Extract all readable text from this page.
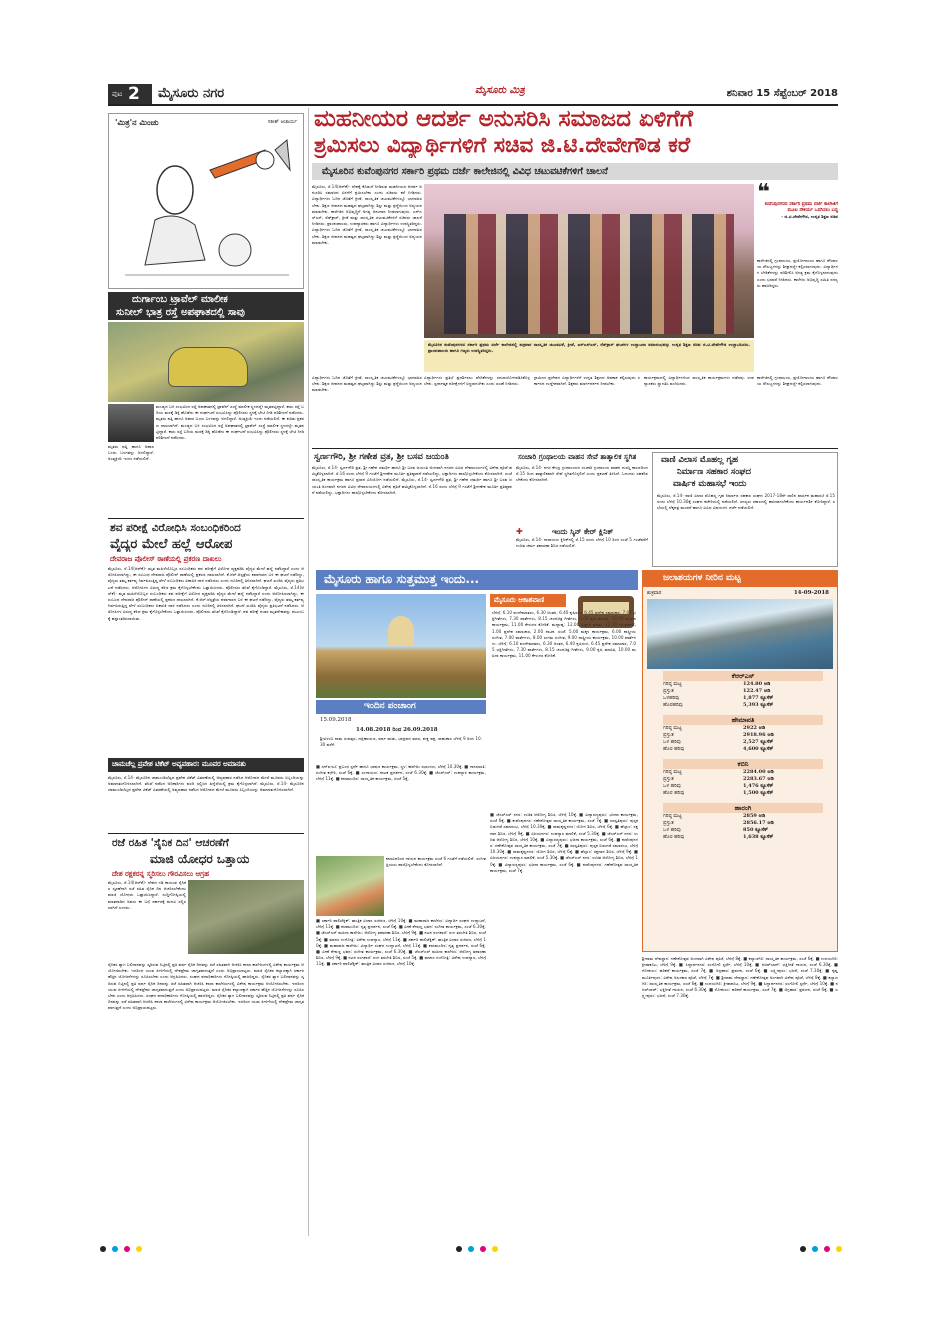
ಪುಟ 2 ಮೈಸೂರು ನಗರ	ಮೈಸೂರು ಮಿತ್ರ	ಶನಿವಾರ 15 ಸೆಪ್ಟೆಂಬರ್ 2018
'ಮಿತ್ರ'ನ ಮಿಂಚು	ಸತೀಶ್ ಆಚಾರ್ಯ
ದುರ್ಗಾಂಬ ಟ್ರಾವೆಲ್ ಮಾಲೀಕ
ಸುನೀಲ್ ಭಾತ್ರ ರಸ್ತೆ ಅಪಘಾತದಲ್ಲಿ ಸಾವು
ಮಂಡ್ಯದ ಬಳಿ ಸಂಭವಿಸಿದ ರಸ್ತೆ ಅಪಘಾತದಲ್ಲಿ ಟ್ರಾವೆಲ್ ಸಂಸ್ಥೆ ಮಾಲೀಕ ಸ್ಥಳದಲ್ಲೇ ಮೃತಪಟ್ಟಿದ್ದಾರೆ. ಕಾರು ರಸ್ತೆ ಬದಿಯ ಮರಕ್ಕೆ ಡಿಕ್ಕಿ ಹೊಡೆದು ಈ ದುರ್ಘಟನೆ ಸಂಭವಿಸಿದ್ದು ಪೊಲೀಸರು ಸ್ಥಳಕ್ಕೆ ಭೇಟಿ ನೀಡಿ ಪರಿಶೀಲನೆ ನಡೆಸಿದರು. ಮೃತರು ಪತ್ನಿ ಹಾಗೂ ಅಪಾರ ಬಂಧು ಬಳಗವನ್ನು ಅಗಲಿದ್ದಾರೆ. ಅಂತ್ಯಕ್ರಿಯೆ ಇಂದು ನಡೆಯಲಿದೆ. ಈ ಕುರಿತು ಪ್ರಕರಣ ದಾಖಲಾಗಿದೆ. ಮಂಡ್ಯದ ಬಳಿ ಸಂಭವಿಸಿದ ರಸ್ತೆ ಅಪಘಾತದಲ್ಲಿ ಟ್ರಾವೆಲ್ ಸಂಸ್ಥೆ ಮಾಲೀಕ ಸ್ಥಳದಲ್ಲೇ ಮೃತಪಟ್ಟಿದ್ದಾರೆ. ಕಾರು ರಸ್ತೆ ಬದಿಯ ಮರಕ್ಕೆ ಡಿಕ್ಕಿ ಹೊಡೆದು ಈ ದುರ್ಘಟನೆ ಸಂಭವಿಸಿದ್ದು ಪೊಲೀಸರು ಸ್ಥಳಕ್ಕೆ ಭೇಟಿ ನೀಡಿ ಪರಿಶೀಲನೆ ನಡೆಸಿದರು.
ಮೃತರು ಪತ್ನಿ ಹಾಗೂ ಅಪಾರ ಬಂಧು ಬಳಗವನ್ನು ಅಗಲಿದ್ದಾರೆ. ಅಂತ್ಯಕ್ರಿಯೆ ಇಂದು ನಡೆಯಲಿದೆ.
ಶವ ಪರೀಕ್ಷೆ ವಿರೋಧಿಸಿ ಸಂಬಂಧಿಕರಿಂದ
ವೈದ್ಯರ ಮೇಲೆ ಹಲ್ಲೆ ಆರೋಪ
ದೇವರಾಜ ಪೊಲೀಸ್ ಠಾಣೆಯಲ್ಲಿ ಪ್ರಕರಣ ದಾಖಲು
ಮೈಸೂರು, ಸೆ.14(ಆರ್‌ಕೆ)- ಮೃತ ಮಹಿಳೆಯೊಬ್ಬರ ಸಂಬಂಧಿಕರು ಶವ ಪರೀಕ್ಷೆಗೆ ವಿರೋಧ ವ್ಯಕ್ತಪಡಿಸಿ ವೈದ್ಯರ ಮೇಲೆ ಹಲ್ಲೆ ನಡೆಸಿದ್ದಾರೆ ಎಂದು ಆರೋಪಿಸಲಾಗಿದ್ದು, ಈ ಸಂಬಂಧ ದೇವರಾಜ ಪೊಲೀಸ್ ಠಾಣೆಯಲ್ಲಿ ಪ್ರಕರಣ ದಾಖಲಾಗಿದೆ. ಕೆ.ಆರ್.ಆಸ್ಪತ್ರೆಯ ಶವಾಗಾರದ ಬಳಿ ಈ ಘಟನೆ ನಡೆದಿದ್ದು, ವೈದ್ಯರು ತಮ್ಮ ಕರ್ತವ್ಯ ನಿರ್ವಹಿಸುತ್ತಿದ್ದ ವೇಳೆ ಸಂಬಂಧಿಕರು ಏಕಾಏಕಿ ದಾಳಿ ನಡೆಸಿದರು ಎಂದು ದೂರಿನಲ್ಲಿ ತಿಳಿಸಲಾಗಿದೆ. ಘಟನೆ ಖಂಡಿಸಿ ವೈದ್ಯರು ಪ್ರತಿಭಟನೆ ನಡೆಸಿದರು. ಆರೋಪಿಗಳ ವಿರುದ್ಧ ಕಠಿಣ ಕ್ರಮ ಕೈಗೊಳ್ಳಬೇಕೆಂದು ಒತ್ತಾಯಿಸಿದರು. ಪೊಲೀಸರು ತನಿಖೆ ಕೈಗೊಂಡಿದ್ದಾರೆ. ಮೈಸೂರು, ಸೆ.14(ಆರ್‌ಕೆ)- ಮೃತ ಮಹಿಳೆಯೊಬ್ಬರ ಸಂಬಂಧಿಕರು ಶವ ಪರೀಕ್ಷೆಗೆ ವಿರೋಧ ವ್ಯಕ್ತಪಡಿಸಿ ವೈದ್ಯರ ಮೇಲೆ ಹಲ್ಲೆ ನಡೆಸಿದ್ದಾರೆ ಎಂದು ಆರೋಪಿಸಲಾಗಿದ್ದು, ಈ ಸಂಬಂಧ ದೇವರಾಜ ಪೊಲೀಸ್ ಠಾಣೆಯಲ್ಲಿ ಪ್ರಕರಣ ದಾಖಲಾಗಿದೆ. ಕೆ.ಆರ್.ಆಸ್ಪತ್ರೆಯ ಶವಾಗಾರದ ಬಳಿ ಈ ಘಟನೆ ನಡೆದಿದ್ದು, ವೈದ್ಯರು ತಮ್ಮ ಕರ್ತವ್ಯ ನಿರ್ವಹಿಸುತ್ತಿದ್ದ ವೇಳೆ ಸಂಬಂಧಿಕರು ಏಕಾಏಕಿ ದಾಳಿ ನಡೆಸಿದರು ಎಂದು ದೂರಿನಲ್ಲಿ ತಿಳಿಸಲಾಗಿದೆ. ಘಟನೆ ಖಂಡಿಸಿ ವೈದ್ಯರು ಪ್ರತಿಭಟನೆ ನಡೆಸಿದರು. ಆರೋಪಿಗಳ ವಿರುದ್ಧ ಕಠಿಣ ಕ್ರಮ ಕೈಗೊಳ್ಳಬೇಕೆಂದು ಒತ್ತಾಯಿಸಿದರು. ಪೊಲೀಸರು ತನಿಖೆ ಕೈಗೊಂಡಿದ್ದಾರೆ. ಶವ ಪರೀಕ್ಷೆ ನಂತರ ಮೃತದೇಹವನ್ನು ಕುಟುಂಬಕ್ಕೆ ಹಸ್ತಾಂತರಿಸಲಾಯಿತು.
ಚಾಮಚೆಲ್ಲ ಪ್ರವೇಶ ಟಿಕೆಟ್ ಅವ್ಯವಹಾರ: ಮೂವರ ಅಮಾನತು
ಮೈಸೂರು, ಸೆ.14- ಮೈಸೂರಿನ ಚಾಮುಂಡಿಬೆಟ್ಟದ ಪ್ರವೇಶ ಟಿಕೆಟ್ ವಿತರಣೆಯಲ್ಲಿ ಅವ್ಯವಹಾರ ನಡೆಸಿದ ಆರೋಪದ ಮೇಲೆ ಮೂವರು ಸಿಬ್ಬಂದಿಯನ್ನು ಅಮಾನತುಗೊಳಿಸಲಾಗಿದೆ. ತನಿಖೆ ನಡೆಸಿದ ಅಧಿಕಾರಿಗಳು ವರದಿ ಸಲ್ಲಿಸಿದ ಹಿನ್ನೆಲೆಯಲ್ಲಿ ಕ್ರಮ ಕೈಗೊಳ್ಳಲಾಗಿದೆ. ಮೈಸೂರು, ಸೆ.14- ಮೈಸೂರಿನ ಚಾಮುಂಡಿಬೆಟ್ಟದ ಪ್ರವೇಶ ಟಿಕೆಟ್ ವಿತರಣೆಯಲ್ಲಿ ಅವ್ಯವಹಾರ ನಡೆಸಿದ ಆರೋಪದ ಮೇಲೆ ಮೂವರು ಸಿಬ್ಬಂದಿಯನ್ನು ಅಮಾನತುಗೊಳಿಸಲಾಗಿದೆ.
ರಜೆ ರಹಿತ 'ಸೈನಿಕ ದಿನ' ಆಚರಣೆಗೆ
ಮಾಜಿ ಯೋಧರ ಒತ್ತಾಯ
ದೇಶ ರಕ್ಷಕರನ್ನ ಸ್ಮರಿಸಲು ಗೌರವಿಸಲು ಆಗ್ರಹ
ಮೈಸೂರು, ಸೆ.14(ಆರ್‌ಕೆ)- ದೇಶದ ಗಡಿ ಕಾಯುವ ಸೈನಿಕರ ಸ್ಮರಣೆಗಾಗಿ ರಜೆ ರಹಿತ ಸೈನಿಕ ದಿನ ಆಚರಿಸಬೇಕೆಂದು ಮಾಜಿ ಯೋಧರು ಒತ್ತಾಯಿಸಿದ್ದಾರೆ. ಸುದ್ದಿಗೋಷ್ಠಿಯಲ್ಲಿ ಮಾತನಾಡಿದ ಅವರು ಈ ಬಗ್ಗೆ ಸರ್ಕಾರಕ್ಕೆ ಮನವಿ ಸಲ್ಲಿಸಲಾಗಿದೆ ಎಂದರು.
ಸೈನಿಕರ ತ್ಯಾಗ ಬಲಿದಾನವನ್ನು ಸ್ಮರಿಸುವ ನಿಟ್ಟಿನಲ್ಲಿ ಪ್ರತಿ ವರ್ಷ ಸೈನಿಕ ದಿನವನ್ನು ರಜೆ ರಹಿತವಾಗಿ ಆಚರಿಸಿ ಶಾಲಾ ಕಾಲೇಜುಗಳಲ್ಲಿ ವಿಶೇಷ ಕಾರ್ಯಕ್ರಮ ಆಯೋಜಿಸಬೇಕು. ಇದರಿಂದ ಯುವ ಪೀಳಿಗೆಯಲ್ಲಿ ದೇಶಪ್ರೇಮ ಜಾಗೃತವಾಗುತ್ತದೆ ಎಂದು ಅಭಿಪ್ರಾಯಪಟ್ಟರು. ಮಾಜಿ ಸೈನಿಕರ ಕಲ್ಯಾಣಕ್ಕಾಗಿ ಸರ್ಕಾರ ಹೆಚ್ಚಿನ ಯೋಜನೆಗಳನ್ನು ರೂಪಿಸಬೇಕು ಎಂದು ಆಗ್ರಹಿಸಿದರು. ಸಂಘದ ಪದಾಧಿಕಾರಿಗಳು ಗೋಷ್ಠಿಯಲ್ಲಿ ಹಾಜರಿದ್ದರು. ಸೈನಿಕರ ತ್ಯಾಗ ಬಲಿದಾನವನ್ನು ಸ್ಮರಿಸುವ ನಿಟ್ಟಿನಲ್ಲಿ ಪ್ರತಿ ವರ್ಷ ಸೈನಿಕ ದಿನವನ್ನು ರಜೆ ರಹಿತವಾಗಿ ಆಚರಿಸಿ ಶಾಲಾ ಕಾಲೇಜುಗಳಲ್ಲಿ ವಿಶೇಷ ಕಾರ್ಯಕ್ರಮ ಆಯೋಜಿಸಬೇಕು. ಇದರಿಂದ ಯುವ ಪೀಳಿಗೆಯಲ್ಲಿ ದೇಶಪ್ರೇಮ ಜಾಗೃತವಾಗುತ್ತದೆ ಎಂದು ಅಭಿಪ್ರಾಯಪಟ್ಟರು. ಮಾಜಿ ಸೈನಿಕರ ಕಲ್ಯಾಣಕ್ಕಾಗಿ ಸರ್ಕಾರ ಹೆಚ್ಚಿನ ಯೋಜನೆಗಳನ್ನು ರೂಪಿಸಬೇಕು ಎಂದು ಆಗ್ರಹಿಸಿದರು. ಸಂಘದ ಪದಾಧಿಕಾರಿಗಳು ಗೋಷ್ಠಿಯಲ್ಲಿ ಹಾಜರಿದ್ದರು. ಸೈನಿಕರ ತ್ಯಾಗ ಬಲಿದಾನವನ್ನು ಸ್ಮರಿಸುವ ನಿಟ್ಟಿನಲ್ಲಿ ಪ್ರತಿ ವರ್ಷ ಸೈನಿಕ ದಿನವನ್ನು ರಜೆ ರಹಿತವಾಗಿ ಆಚರಿಸಿ ಶಾಲಾ ಕಾಲೇಜುಗಳಲ್ಲಿ ವಿಶೇಷ ಕಾರ್ಯಕ್ರಮ ಆಯೋಜಿಸಬೇಕು. ಇದರಿಂದ ಯುವ ಪೀಳಿಗೆಯಲ್ಲಿ ದೇಶಪ್ರೇಮ ಜಾಗೃತವಾಗುತ್ತದೆ ಎಂದು ಅಭಿಪ್ರಾಯಪಟ್ಟರು.
ಮಹನೀಯರ ಆದರ್ಶ ಅನುಸರಿಸಿ ಸಮಾಜದ ಏಳಿಗೆಗೆ
ಶ್ರಮಿಸಲು ವಿದ್ಯಾರ್ಥಿಗಳಿಗೆ ಸಚಿವ ಜಿ.ಟಿ.ದೇವೇಗೌಡ ಕರೆ
ಮೈಸೂರಿನ ಕುವೆಂಪುನಗರ ಸರ್ಕಾರಿ ಪ್ರಥಮ ದರ್ಜೆ ಕಾಲೇಜಿನಲ್ಲಿ ವಿವಿಧ ಚಟುವಟಿಕೆಗಳಿಗೆ ಚಾಲನೆ
ಮೈಸೂರು, ಸೆ.14(ಆರ್‌ಕೆ)- ದೇಶಕ್ಕೆ ಕೊಡುಗೆ ನೀಡಿರುವ ಮಹನೀಯರ ಆದರ್ಶ ಅನುಸರಿಸಿ ಸಮಾಜದ ಏಳಿಗೆಗೆ ಶ್ರಮಿಸಬೇಕು ಎಂದು ಸಚಿವರು ಕರೆ ನೀಡಿದರು. ವಿದ್ಯಾರ್ಥಿಗಳು ಓದಿನ ಜೊತೆಗೆ ಕ್ರೀಡೆ, ಸಾಂಸ್ಕೃತಿಕ ಚಟುವಟಿಕೆಗಳಲ್ಲೂ ಭಾಗವಹಿಸಬೇಕು. ಶಿಕ್ಷಣ ಜೀವನದ ಮಹತ್ವದ ಘಟ್ಟವಾಗಿದ್ದು ಶಿಸ್ತು ಮತ್ತು ಶ್ರದ್ಧೆಯಿಂದ ಅಧ್ಯಯನ ಮಾಡಬೇಕು. ಕಾಲೇಜಿನ ಅಭಿವೃದ್ಧಿಗೆ ಅಗತ್ಯ ಅನುದಾನ ನೀಡಲಾಗುವುದು. ಎನ್‌ಎಸ್‌ಎಸ್, ರೆಡ್‌ಕ್ರಾಸ್, ಕ್ರೀಡೆ ಮತ್ತು ಸಾಂಸ್ಕೃತಿಕ ಚಟುವಟಿಕೆಗಳಿಗೆ ಸಚಿವರು ಚಾಲನೆ ನೀಡಿದರು. ಪ್ರಾಂಶುಪಾಲರು, ಉಪನ್ಯಾಸಕರು ಹಾಗೂ ವಿದ್ಯಾರ್ಥಿಗಳು ಉಪಸ್ಥಿತರಿದ್ದರು. ವಿದ್ಯಾರ್ಥಿಗಳು ಓದಿನ ಜೊತೆಗೆ ಕ್ರೀಡೆ, ಸಾಂಸ್ಕೃತಿಕ ಚಟುವಟಿಕೆಗಳಲ್ಲೂ ಭಾಗವಹಿಸಬೇಕು. ಶಿಕ್ಷಣ ಜೀವನದ ಮಹತ್ವದ ಘಟ್ಟವಾಗಿದ್ದು ಶಿಸ್ತು ಮತ್ತು ಶ್ರದ್ಧೆಯಿಂದ ಅಧ್ಯಯನ ಮಾಡಬೇಕು.
ಮೈಸೂರಿನ ಕುವೆಂಪುನಗರದ ಸರ್ಕಾರಿ ಪ್ರಥಮ ದರ್ಜೆ ಕಾಲೇಜಿನಲ್ಲಿ ಶುಕ್ರವಾರ ಸಾಂಸ್ಕೃತಿಕ ಚಟುವಟಿಕೆ, ಕ್ರೀಡೆ, ಎನ್‌ಎಸ್‌ಎಸ್, ರೆಡ್‌ಕ್ರಾಸ್ ಘಟಕಗಳ ಉದ್ಘಾಟನಾ ಸಮಾರಂಭವನ್ನು ಉನ್ನತ ಶಿಕ್ಷಣ ಸಚಿವ ಜಿ.ಟಿ.ದೇವೇಗೌಡ ಉದ್ಘಾಟಿಸಿದರು. ಪ್ರಾಂಶುಪಾಲರು ಹಾಗೂ ಗಣ್ಯರು ಉಪಸ್ಥಿತರಿದ್ದರು.
❝
ಕುವೆಂಪುನಗರದ ಸರ್ಕಾರಿ ಪ್ರಥಮ ದರ್ಜೆ ಕಾಲೇಜಿಗೆ ಮೂಲ ಸೌಕರ್ಯ ಒದಗಿಸಲು ಬದ್ಧ
- ಜಿ.ಟಿ.ದೇವೇಗೌಡ, ಉನ್ನತ ಶಿಕ್ಷಣ ಸಚಿವ
ಕಾಲೇಜಿನಲ್ಲಿ ಗ್ರಂಥಾಲಯ, ಪ್ರಯೋಗಾಲಯ ಹಾಗೂ ಶೌಚಾಲಯ ಸೌಲಭ್ಯಗಳನ್ನು ಶೀಘ್ರದಲ್ಲೇ ಕಲ್ಪಿಸಲಾಗುವುದು. ವಿದ್ಯಾರ್ಥಿಗಳ ಬೇಡಿಕೆಗಳನ್ನು ಪರಿಶೀಲಿಸಿ ಅಗತ್ಯ ಕ್ರಮ ಕೈಗೊಳ್ಳಲಾಗುವುದು ಎಂದು ಭರವಸೆ ನೀಡಿದರು. ಕಾಲೇಜು ಅಭಿವೃದ್ಧಿ ಸಮಿತಿ ಸದಸ್ಯರು ಹಾಜರಿದ್ದರು.
ವಿದ್ಯಾರ್ಥಿಗಳು ಪ್ರತಿಭೆ ಪ್ರದರ್ಶಿಸಲು ವೇದಿಕೆಗಳನ್ನು ಸದುಪಯೋಗಪಡಿಸಿಕೊಳ್ಳಬೇಕು. ಸ್ಪರ್ಧಾತ್ಮಕ ಪರೀಕ್ಷೆಗಳಿಗೆ ಸಿದ್ಧರಾಗಬೇಕು ಎಂದು ಸಲಹೆ ನೀಡಿದರು.
ಗ್ರಾಮೀಣ ಪ್ರದೇಶದ ವಿದ್ಯಾರ್ಥಿಗಳಿಗೆ ಉನ್ನತ ಶಿಕ್ಷಣದ ಅವಕಾಶ ಕಲ್ಪಿಸುವುದು ಸರ್ಕಾರದ ಉದ್ದೇಶವಾಗಿದೆ. ಶಿಕ್ಷಕರು ಮಾರ್ಗದರ್ಶನ ನೀಡಬೇಕು.
ಕಾರ್ಯಕ್ರಮದಲ್ಲಿ ವಿದ್ಯಾರ್ಥಿಗಳಿಂದ ಸಾಂಸ್ಕೃತಿಕ ಕಾರ್ಯಕ್ರಮಗಳು ನಡೆದವು. ಉಪನ್ಯಾಸಕರು ಸ್ವಾಗತಿಸಿ ವಂದಿಸಿದರು.
ವಿದ್ಯಾರ್ಥಿಗಳು ಓದಿನ ಜೊತೆಗೆ ಕ್ರೀಡೆ, ಸಾಂಸ್ಕೃತಿಕ ಚಟುವಟಿಕೆಗಳಲ್ಲೂ ಭಾಗವಹಿಸಬೇಕು. ಶಿಕ್ಷಣ ಜೀವನದ ಮಹತ್ವದ ಘಟ್ಟವಾಗಿದ್ದು ಶಿಸ್ತು ಮತ್ತು ಶ್ರದ್ಧೆಯಿಂದ ಅಧ್ಯಯನ ಮಾಡಬೇಕು.
ಕಾಲೇಜಿನಲ್ಲಿ ಗ್ರಂಥಾಲಯ, ಪ್ರಯೋಗಾಲಯ ಹಾಗೂ ಶೌಚಾಲಯ ಸೌಲಭ್ಯಗಳನ್ನು ಶೀಘ್ರದಲ್ಲೇ ಕಲ್ಪಿಸಲಾಗುವುದು.
ಸ್ವರ್ಣಗೌರಿ, ಶ್ರೀ ಗಣೇಶ ವ್ರತ, ಶ್ರೀ ಬಸವ ಜಯಂತಿ
ಮೈಸೂರು, ಸೆ.14- ಸ್ವರ್ಣಗೌರಿ ವ್ರತ, ಶ್ರೀ ಗಣೇಶ ಚತುರ್ಥಿ ಹಾಗೂ ಶ್ರೀ ಬಸವ ಜಯಂತಿ ಅಂಗವಾಗಿ ನಗರದ ವಿವಿಧ ದೇವಾಲಯಗಳಲ್ಲಿ ವಿಶೇಷ ಪೂಜೆ ಹಮ್ಮಿಕೊಳ್ಳಲಾಗಿದೆ. ಸೆ.16 ರಂದು ಬೆಳಿಗ್ಗೆ 9 ಗಂಟೆಗೆ ಶ್ರೀಗಣೇಶ ಮೂರ್ತಿ ಪ್ರತಿಷ್ಠಾಪನೆ ನಡೆಯಲಿದ್ದು, ಭಕ್ತಾದಿಗಳು ಪಾಲ್ಗೊಳ್ಳಬೇಕೆಂದು ಕೋರಲಾಗಿದೆ. ಸಂಜೆ ಸಾಂಸ್ಕೃತಿಕ ಕಾರ್ಯಕ್ರಮ ಹಾಗೂ ಪ್ರಸಾದ ವಿನಿಯೋಗ ನಡೆಯಲಿದೆ. ಮೈಸೂರು, ಸೆ.14- ಸ್ವರ್ಣಗೌರಿ ವ್ರತ, ಶ್ರೀ ಗಣೇಶ ಚತುರ್ಥಿ ಹಾಗೂ ಶ್ರೀ ಬಸವ ಜಯಂತಿ ಅಂಗವಾಗಿ ನಗರದ ವಿವಿಧ ದೇವಾಲಯಗಳಲ್ಲಿ ವಿಶೇಷ ಪೂಜೆ ಹಮ್ಮಿಕೊಳ್ಳಲಾಗಿದೆ. ಸೆ.16 ರಂದು ಬೆಳಿಗ್ಗೆ 9 ಗಂಟೆಗೆ ಶ್ರೀಗಣೇಶ ಮೂರ್ತಿ ಪ್ರತಿಷ್ಠಾಪನೆ ನಡೆಯಲಿದ್ದು, ಭಕ್ತಾದಿಗಳು ಪಾಲ್ಗೊಳ್ಳಬೇಕೆಂದು ಕೋರಲಾಗಿದೆ.
ಸಂಚಾರಿ ಗ್ರಂಥಾಲಯ ವಾಹನ ಸೇವೆ ತಾತ್ಕಾಲಿಕ ಸ್ಥಗಿತ
ಮೈಸೂರು, ಸೆ.14- ನಗರ ಕೇಂದ್ರ ಗ್ರಂಥಾಲಯದ ಸಂಚಾರಿ ಗ್ರಂಥಾಲಯ ವಾಹನ ದುರಸ್ತಿ ಕಾರಣದಿಂದ ಸೆ.15 ರಿಂದ ತಾತ್ಕಾಲಿಕವಾಗಿ ಸೇವೆ ಸ್ಥಗಿತಗೊಳ್ಳಲಿದೆ ಎಂದು ಪ್ರಕಟಣೆ ತಿಳಿಸಿದೆ. ಓದುಗರು ಸಹಕರಿಸಬೇಕೆಂದು ಕೋರಲಾಗಿದೆ.
✚	ಇಂದು ಸ್ಕಿನ್ ಕೇರ್ ಕ್ಲಿನಿಕ್
ಮೈಸೂರು, ಸೆ.14- ನಾರಾಯಣ ಕ್ಲಿನಿಕ್‌ನಲ್ಲಿ ಸೆ.15 ರಂದು ಬೆಳಿಗ್ಗೆ 10 ರಿಂದ ಸಂಜೆ 5 ಗಂಟೆವರೆಗೆ ಉಚಿತ ಚರ್ಮ ತಪಾಸಣಾ ಶಿಬಿರ ನಡೆಯಲಿದೆ.
ವಾಣಿ ವಿಲಾಸ ಮೊಹಲ್ಲ ಗೃಹ
ನಿರ್ಮಾಣ ಸಹಕಾರ ಸಂಘದ
ವಾರ್ಷಿಕ ಮಹಾಸಭೆ ಇಂದು
ಮೈಸೂರು, ಸೆ.14- ವಾಣಿ ವಿಲಾಸ ಮೊಹಲ್ಲ ಗೃಹ ನಿರ್ಮಾಣ ಸಹಕಾರ ಸಂಘದ 2017-18ನೇ ಸಾಲಿನ ವಾರ್ಷಿಕ ಮಹಾಸಭೆ ಸೆ.15 ರಂದು ಬೆಳಿಗ್ಗೆ 10.30ಕ್ಕೆ ಸಂಘದ ಕಚೇರಿಯಲ್ಲಿ ನಡೆಯಲಿದೆ. ಸದಸ್ಯರು ಸಕಾಲದಲ್ಲಿ ಹಾಜರಾಗಬೇಕೆಂದು ಕಾರ್ಯದರ್ಶಿ ಕೋರಿದ್ದಾರೆ. ಸಭೆಯಲ್ಲಿ ಲೆಕ್ಕಪತ್ರ ಮಂಡನೆ ಹಾಗೂ ವಿವಿಧ ವಿಷಯಗಳ ಚರ್ಚೆ ನಡೆಯಲಿದೆ.
ಮೈಸೂರು ಹಾಗೂ ಸುತ್ತಮುತ್ತ ಇಂದು...
ಮೈಸೂರು ಆಕಾಶವಾಣಿ
ಬೆಳಿಗ್ಗೆ: 6.10 ವಂದೇಮಾತರಂ, 6.30 ಚಿಂತನ, 6.40 ಕೃಷಿರಂಗ, 6.45 ಪ್ರದೇಶ ಸಮಾಚಾರ, 7.05 ಭಕ್ತಿಗೀತೆಗಳು, 7.30 ವಾರ್ತೆಗಳು, 8.15 ಚಲನಚಿತ್ರ ಗೀತೆಗಳು, 9.00 ಕೃಷಿ ಮಾಹಿತಿ, 10.00 ಮಹಿಳಾ ಕಾರ್ಯಕ್ರಮ, 11.00 ಕೇಳುಗರ ಕೋರಿಕೆ. ಮಧ್ಯಾಹ್ನ: 12.00 ವಿಜ್ಞಾನ ಮಾತು, 12.30 ಯುವವಾಣಿ, 1.00 ಪ್ರದೇಶ ಸಮಾಚಾರ, 2.00 ನಾಟಕ. ಸಂಜೆ: 5.00 ಮಕ್ಕಳ ಕಾರ್ಯಕ್ರಮ, 6.00 ಶಾಸ್ತ್ರೀಯ ಸಂಗೀತ, 7.00 ವಾರ್ತೆಗಳು, 8.00 ಸುಗಮ ಸಂಗೀತ, 9.00 ರಾಷ್ಟ್ರೀಯ ಕಾರ್ಯಕ್ರಮ, 10.00 ವಾರ್ತೆಗಳು. ಬೆಳಿಗ್ಗೆ: 6.10 ವಂದೇಮಾತರಂ, 6.30 ಚಿಂತನ, 6.40 ಕೃಷಿರಂಗ, 6.45 ಪ್ರದೇಶ ಸಮಾಚಾರ, 7.05 ಭಕ್ತಿಗೀತೆಗಳು, 7.30 ವಾರ್ತೆಗಳು, 8.15 ಚಲನಚಿತ್ರ ಗೀತೆಗಳು, 9.00 ಕೃಷಿ ಮಾಹಿತಿ, 10.00 ಮಹಿಳಾ ಕಾರ್ಯಕ್ರಮ, 11.00 ಕೇಳುಗರ ಕೋರಿಕೆ.
ಇಂದಿನ ಪಂಚಾಂಗ
15.09.2018
14.08.2018 ರಿಂದ 26.09.2018
ಶ್ರೀವಿಳಂಬಿ ನಾಮ ಸಂವತ್ಸರ, ದಕ್ಷಿಣಾಯಣ, ವರ್ಷ ಋತು, ಭಾದ್ರಪದ ಮಾಸ, ಶುಕ್ಲ ಪಕ್ಷ, ರಾಹುಕಾಲ ಬೆಳಿಗ್ಗೆ 9 ರಿಂದ 10.30 ವರೆಗೆ.
■ ಎನ್‌ಐಇಟಿ: ಪ್ರಬಂಧ ಸ್ಪರ್ಧೆ ಹಾಗೂ ಭಾಷಣ ಕಾರ್ಯಕ್ರಮ, ಸ್ಥಳ: ಕಾಲೇಜು ಸಭಾಂಗಣ, ಬೆಳಿಗ್ಗೆ 10.30ಕ್ಕೆ. ■ ಗಾನಭಾರತಿ: ಸಂಗೀತ ಕಛೇರಿ, ಸಂಜೆ 6ಕ್ಕೆ. ■ ರಂಗಾಯಣ: ನಾಟಕ ಪ್ರದರ್ಶನ, ಸಂಜೆ 6.30ಕ್ಕೆ. ■ ಜೆಎಸ್‌ಎಸ್: ಉಪನ್ಯಾಸ ಕಾರ್ಯಕ್ರಮ, ಬೆಳಿಗ್ಗೆ 11ಕ್ಕೆ. ■ ಕಲಾಮಂದಿರ: ಸಾಂಸ್ಕೃತಿಕ ಕಾರ್ಯಕ್ರಮ, ಸಂಜೆ 5ಕ್ಕೆ.
ಕಲಾವಿದರಿಂದ ಗಾಯನ ಕಾರ್ಯಕ್ರಮ ಸಂಜೆ 6 ಗಂಟೆಗೆ ನಡೆಯಲಿದೆ. ಸಂಗೀತ ಪ್ರಿಯರು ಪಾಲ್ಗೊಳ್ಳಬೇಕೆಂದು ಕೋರಲಾಗಿದೆ.
■ ಸರ್ಕಾರಿ ಪಾಲಿಟೆಕ್ನಿಕ್: ತಾಂತ್ರಿಕ ವಿಚಾರ ಸಂಕಿರಣ, ಬೆಳಿಗ್ಗೆ 10ಕ್ಕೆ. ■ ಮಹಾರಾಜ ಕಾಲೇಜು: ವಿದ್ಯಾರ್ಥಿ ಸಂಘದ ಉದ್ಘಾಟನೆ, ಬೆಳಿಗ್ಗೆ 11ಕ್ಕೆ. ■ ಕಲಾಮಂದಿರ: ನೃತ್ಯ ಪ್ರದರ್ಶನ, ಸಂಜೆ 6ಕ್ಕೆ. ■ ವೀಣೆ ಶೇಷಣ್ಣ ಭವನ: ಸಂಗೀತ ಕಾರ್ಯಕ್ರಮ, ಸಂಜೆ 6.30ಕ್ಕೆ. ■ ಜೆಎಸ್‌ಎಸ್ ಮಹಿಳಾ ಕಾಲೇಜು: ಆರೋಗ್ಯ ತಪಾಸಣಾ ಶಿಬಿರ, ಬೆಳಿಗ್ಗೆ 9ಕ್ಕೆ. ■ ನಟನ ರಂಗಶಾಲೆ: ರಂಗ ತರಬೇತಿ ಶಿಬಿರ, ಸಂಜೆ 5ಕ್ಕೆ. ■ ಮಾನಸ ಗಂಗೋತ್ರಿ: ವಿಶೇಷ ಉಪನ್ಯಾಸ, ಬೆಳಿಗ್ಗೆ 11ಕ್ಕೆ. ■ ಸರ್ಕಾರಿ ಪಾಲಿಟೆಕ್ನಿಕ್: ತಾಂತ್ರಿಕ ವಿಚಾರ ಸಂಕಿರಣ, ಬೆಳಿಗ್ಗೆ 10ಕ್ಕೆ. ■ ಮಹಾರಾಜ ಕಾಲೇಜು: ವಿದ್ಯಾರ್ಥಿ ಸಂಘದ ಉದ್ಘಾಟನೆ, ಬೆಳಿಗ್ಗೆ 11ಕ್ಕೆ. ■ ಕಲಾಮಂದಿರ: ನೃತ್ಯ ಪ್ರದರ್ಶನ, ಸಂಜೆ 6ಕ್ಕೆ. ■ ವೀಣೆ ಶೇಷಣ್ಣ ಭವನ: ಸಂಗೀತ ಕಾರ್ಯಕ್ರಮ, ಸಂಜೆ 6.30ಕ್ಕೆ. ■ ಜೆಎಸ್‌ಎಸ್ ಮಹಿಳಾ ಕಾಲೇಜು: ಆರೋಗ್ಯ ತಪಾಸಣಾ ಶಿಬಿರ, ಬೆಳಿಗ್ಗೆ 9ಕ್ಕೆ. ■ ನಟನ ರಂಗಶಾಲೆ: ರಂಗ ತರಬೇತಿ ಶಿಬಿರ, ಸಂಜೆ 5ಕ್ಕೆ. ■ ಮಾನಸ ಗಂಗೋತ್ರಿ: ವಿಶೇಷ ಉಪನ್ಯಾಸ, ಬೆಳಿಗ್ಗೆ 11ಕ್ಕೆ. ■ ಸರ್ಕಾರಿ ಪಾಲಿಟೆಕ್ನಿಕ್: ತಾಂತ್ರಿಕ ವಿಚಾರ ಸಂಕಿರಣ, ಬೆಳಿಗ್ಗೆ 10ಕ್ಕೆ.
■ ಜೆಎಸ್‌ಎಸ್ ನಗರ: ಉಚಿತ ಆರೋಗ್ಯ ಶಿಬಿರ, ಬೆಳಿಗ್ಗೆ 10ಕ್ಕೆ. ■ ವಿದ್ಯಾರಣ್ಯಪುರಂ: ಭಜನಾ ಕಾರ್ಯಕ್ರಮ, ಸಂಜೆ 6ಕ್ಕೆ. ■ ಕುವೆಂಪುನಗರ: ಗಣೇಶೋತ್ಸವ ಸಾಂಸ್ಕೃತಿಕ ಕಾರ್ಯಕ್ರಮ, ಸಂಜೆ 7ಕ್ಕೆ. ■ ಸರಸ್ವತಿಪುರಂ: ಪುಸ್ತಕ ಬಿಡುಗಡೆ ಸಮಾರಂಭ, ಬೆಳಿಗ್ಗೆ 10.30ಕ್ಕೆ. ■ ರಾಮಕೃಷ್ಣನಗರ: ಯೋಗ ಶಿಬಿರ, ಬೆಳಿಗ್ಗೆ 6ಕ್ಕೆ. ■ ಹೆಬ್ಬಾಳ: ರಕ್ತದಾನ ಶಿಬಿರ, ಬೆಳಿಗ್ಗೆ 9ಕ್ಕೆ. ■ ವಿಜಯನಗರ: ಉಪನ್ಯಾಸ ಮಾಲಿಕೆ, ಸಂಜೆ 5.30ಕ್ಕೆ. ■ ಜೆಎಸ್‌ಎಸ್ ನಗರ: ಉಚಿತ ಆರೋಗ್ಯ ಶಿಬಿರ, ಬೆಳಿಗ್ಗೆ 10ಕ್ಕೆ. ■ ವಿದ್ಯಾರಣ್ಯಪುರಂ: ಭಜನಾ ಕಾರ್ಯಕ್ರಮ, ಸಂಜೆ 6ಕ್ಕೆ. ■ ಕುವೆಂಪುನಗರ: ಗಣೇಶೋತ್ಸವ ಸಾಂಸ್ಕೃತಿಕ ಕಾರ್ಯಕ್ರಮ, ಸಂಜೆ 7ಕ್ಕೆ. ■ ಸರಸ್ವತಿಪುರಂ: ಪುಸ್ತಕ ಬಿಡುಗಡೆ ಸಮಾರಂಭ, ಬೆಳಿಗ್ಗೆ 10.30ಕ್ಕೆ. ■ ರಾಮಕೃಷ್ಣನಗರ: ಯೋಗ ಶಿಬಿರ, ಬೆಳಿಗ್ಗೆ 6ಕ್ಕೆ. ■ ಹೆಬ್ಬಾಳ: ರಕ್ತದಾನ ಶಿಬಿರ, ಬೆಳಿಗ್ಗೆ 9ಕ್ಕೆ. ■ ವಿಜಯನಗರ: ಉಪನ್ಯಾಸ ಮಾಲಿಕೆ, ಸಂಜೆ 5.30ಕ್ಕೆ. ■ ಜೆಎಸ್‌ಎಸ್ ನಗರ: ಉಚಿತ ಆರೋಗ್ಯ ಶಿಬಿರ, ಬೆಳಿಗ್ಗೆ 10ಕ್ಕೆ. ■ ವಿದ್ಯಾರಣ್ಯಪುರಂ: ಭಜನಾ ಕಾರ್ಯಕ್ರಮ, ಸಂಜೆ 6ಕ್ಕೆ. ■ ಕುವೆಂಪುನಗರ: ಗಣೇಶೋತ್ಸವ ಸಾಂಸ್ಕೃತಿಕ ಕಾರ್ಯಕ್ರಮ, ಸಂಜೆ 7ಕ್ಕೆ.
ಜಲಾಶಯಗಳ ನೀರಿನ ಮಟ್ಟ
ಶುಕ್ರವಾರ	14-09-2018
ಕೆಆರ್‌ಎಸ್
ಗರಿಷ್ಠ ಮಟ್ಟ	124.80 ಅಡಿ
ಪ್ರಸ್ತುತ	122.47 ಅಡಿ
ಒಳಹರಿವು	1,877 ಕ್ಯೂಸೆಕ್
ಹೊರಹರಿವು	5,393 ಕ್ಯೂಸೆಕ್
ಹೇಮಾವತಿ
ಗರಿಷ್ಠ ಮಟ್ಟ	2922 ಅಡಿ
ಪ್ರಸ್ತುತ	2918.96 ಅಡಿ
ಒಳ ಹರಿವು	2,527 ಕ್ಯೂಸೆಕ್
ಹೊರ ಹರಿವು	4,600 ಕ್ಯೂಸೆಕ್
ಕಬಿನಿ
ಗರಿಷ್ಠ ಮಟ್ಟ	2284.00 ಅಡಿ
ಪ್ರಸ್ತುತ	2283.67 ಅಡಿ
ಒಳ ಹರಿವು	1,476 ಕ್ಯೂಸೆಕ್
ಹೊರ ಹರಿವು	1,500 ಕ್ಯೂಸೆಕ್
ಹಾರಂಗಿ
ಗರಿಷ್ಠ ಮಟ್ಟ	2859 ಅಡಿ
ಪ್ರಸ್ತುತ	2856.17 ಅಡಿ
ಒಳ ಹರಿವು	850 ಕ್ಯೂಸೆಕ್
ಹೊರ ಹರಿವು	1,638 ಕ್ಯೂಸೆಕ್
ಶ್ರೀರಾಮ ದೇವಸ್ಥಾನ: ಗಣೇಶೋತ್ಸವ ಅಂಗವಾಗಿ ವಿಶೇಷ ಪೂಜೆ, ಬೆಳಿಗ್ಗೆ 8ಕ್ಕೆ. ■ ಕಲ್ಯಾಣಗಿರಿ: ಸಾಂಸ್ಕೃತಿಕ ಕಾರ್ಯಕ್ರಮ, ಸಂಜೆ 6ಕ್ಕೆ. ■ ಉದಯಗಿರಿ: ಕ್ರೀಡಾಕೂಟ, ಬೆಳಿಗ್ಗೆ 9ಕ್ಕೆ. ■ ಸಿದ್ದಾರ್ಥನಗರ: ರಂಗೋಲಿ ಸ್ಪರ್ಧೆ, ಬೆಳಿಗ್ಗೆ 10ಕ್ಕೆ. ■ ನಜರ್‌ಬಾದ್: ಭಕ್ತಿಗೀತೆ ಗಾಯನ, ಸಂಜೆ 6.30ಕ್ಕೆ. ■ ಗೋಕುಲಂ: ಹರಿಕಥೆ ಕಾರ್ಯಕ್ರಮ, ಸಂಜೆ 7ಕ್ಕೆ. ■ ಅಗ್ರಹಾರ: ಪ್ರವಚನ, ಸಂಜೆ 6ಕ್ಕೆ. ■ ಲಕ್ಷ್ಮೀಪುರಂ: ಭಜನೆ, ಸಂಜೆ 7.30ಕ್ಕೆ. ■ ಕೃಷ್ಣಮೂರ್ತಿಪುರಂ: ವಿಶೇಷ ಅಲಂಕಾರ ಪೂಜೆ, ಬೆಳಿಗ್ಗೆ 7ಕ್ಕೆ. ■ ಶ್ರೀರಾಮ ದೇವಸ್ಥಾನ: ಗಣೇಶೋತ್ಸವ ಅಂಗವಾಗಿ ವಿಶೇಷ ಪೂಜೆ, ಬೆಳಿಗ್ಗೆ 8ಕ್ಕೆ. ■ ಕಲ್ಯಾಣಗಿರಿ: ಸಾಂಸ್ಕೃತಿಕ ಕಾರ್ಯಕ್ರಮ, ಸಂಜೆ 6ಕ್ಕೆ. ■ ಉದಯಗಿರಿ: ಕ್ರೀಡಾಕೂಟ, ಬೆಳಿಗ್ಗೆ 9ಕ್ಕೆ. ■ ಸಿದ್ದಾರ್ಥನಗರ: ರಂಗೋಲಿ ಸ್ಪರ್ಧೆ, ಬೆಳಿಗ್ಗೆ 10ಕ್ಕೆ. ■ ನಜರ್‌ಬಾದ್: ಭಕ್ತಿಗೀತೆ ಗಾಯನ, ಸಂಜೆ 6.30ಕ್ಕೆ. ■ ಗೋಕುಲಂ: ಹರಿಕಥೆ ಕಾರ್ಯಕ್ರಮ, ಸಂಜೆ 7ಕ್ಕೆ. ■ ಅಗ್ರಹಾರ: ಪ್ರವಚನ, ಸಂಜೆ 6ಕ್ಕೆ. ■ ಲಕ್ಷ್ಮೀಪುರಂ: ಭಜನೆ, ಸಂಜೆ 7.30ಕ್ಕೆ.
